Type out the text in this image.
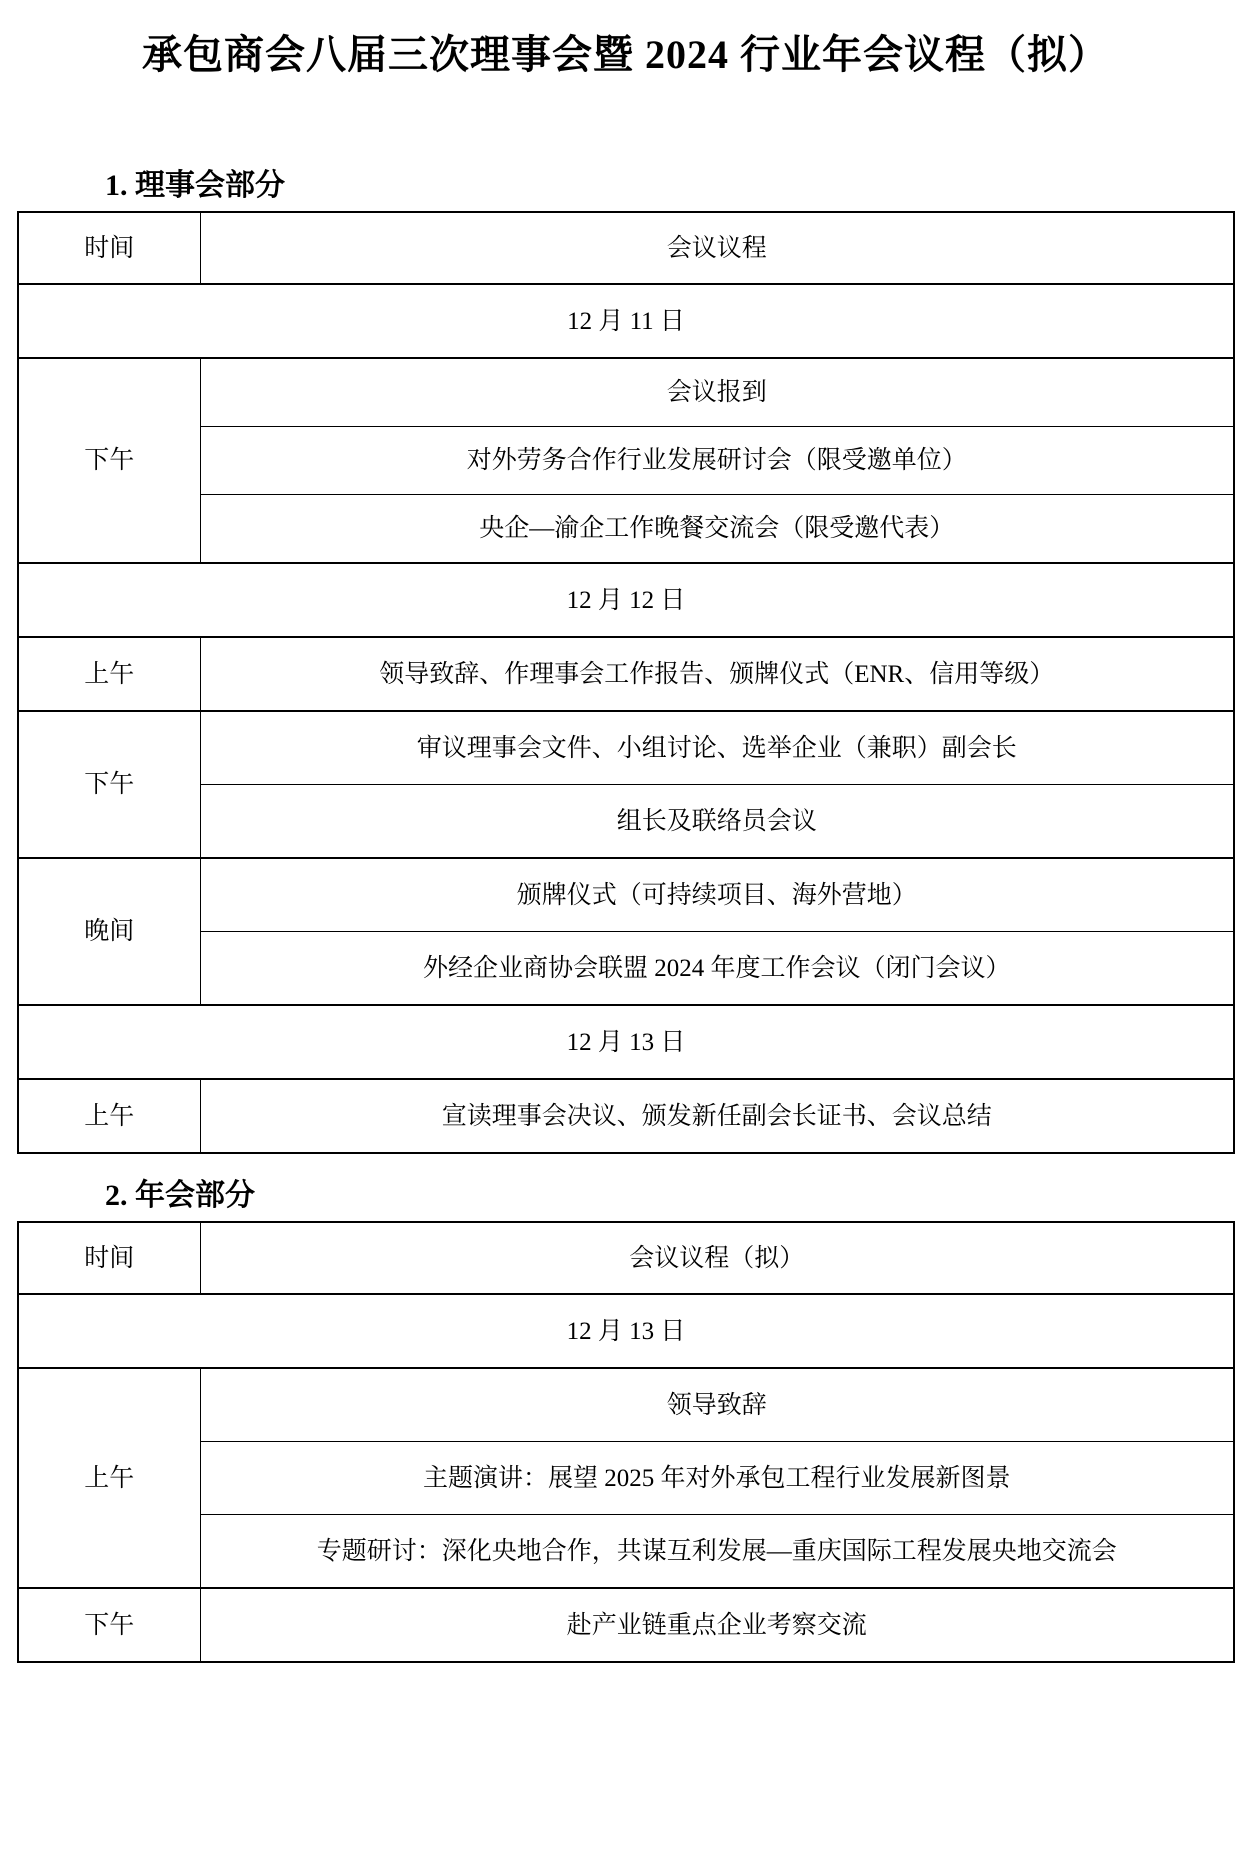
承包商会八届三次理事会暨 2024 行业年会议程（拟）
1. 理事会部分
时间	会议议程
12 月 11 日	
下午	会议报到
	对外劳务合作行业发展研讨会（限受邀单位）
	央企—渝企工作晚餐交流会（限受邀代表）
12 月 12 日	
上午	领导致辞、作理事会工作报告、颁牌仪式（ENR、信用等级）
下午	审议理事会文件、小组讨论、选举企业（兼职）副会长
	组长及联络员会议
晚间	颁牌仪式（可持续项目、海外营地）
	外经企业商协会联盟 2024 年度工作会议（闭门会议）
12 月 13 日	
上午	宣读理事会决议、颁发新任副会长证书、会议总结
2. 年会部分
时间	会议议程（拟）
12 月 13 日	
上午	领导致辞
	主题演讲：展望 2025 年对外承包工程行业发展新图景
	专题研讨：深化央地合作，共谋互利发展—重庆国际工程发展央地交流会
下午	赴产业链重点企业考察交流
